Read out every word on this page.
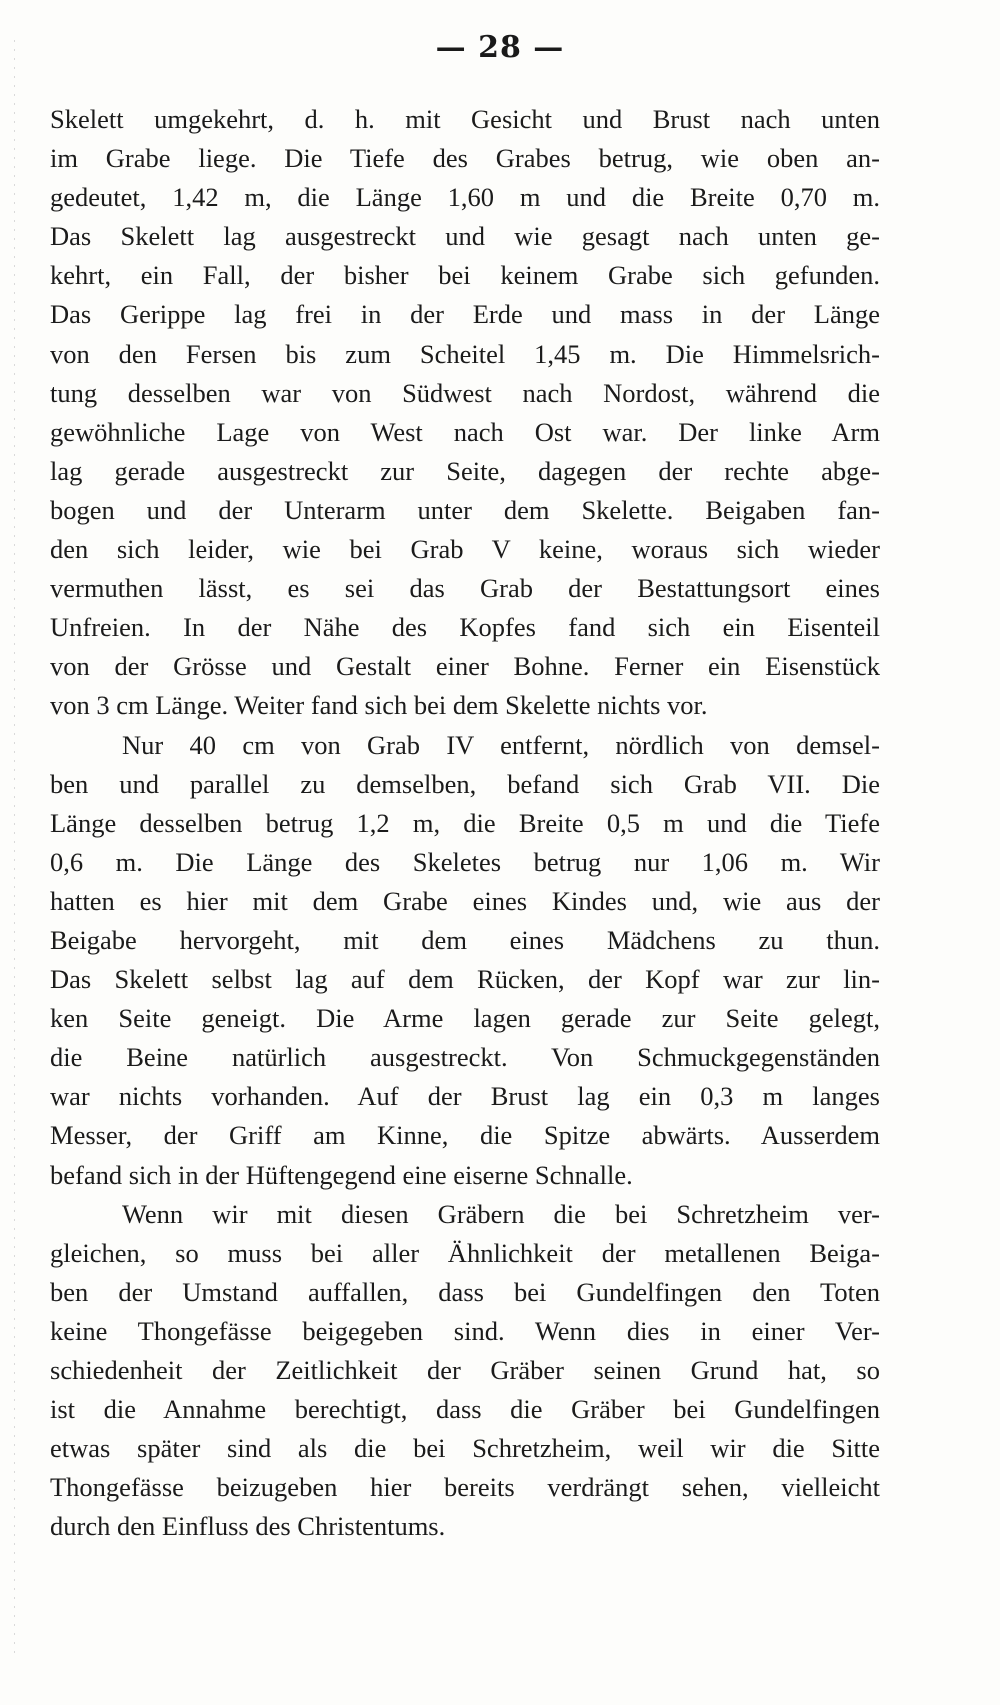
— 28 —
Skelett umgekehrt, d. h. mit Gesicht und Brust nach unten
im Grabe liege. Die Tiefe des Grabes betrug, wie oben an-
gedeutet, 1,42 m, die Länge 1,60 m und die Breite 0,70 m.
Das Skelett lag ausgestreckt und wie gesagt nach unten ge-
kehrt, ein Fall, der bisher bei keinem Grabe sich gefunden.
Das Gerippe lag frei in der Erde und mass in der Länge
von den Fersen bis zum Scheitel 1,45 m. Die Himmelsrich-
tung desselben war von Südwest nach Nordost, während die
gewöhnliche Lage von West nach Ost war. Der linke Arm
lag gerade ausgestreckt zur Seite, dagegen der rechte abge-
bogen und der Unterarm unter dem Skelette. Beigaben fan-
den sich leider, wie bei Grab V keine, woraus sich wieder
vermuthen lässt, es sei das Grab der Bestattungsort eines
Unfreien. In der Nähe des Kopfes fand sich ein Eisenteil
von der Grösse und Gestalt einer Bohne. Ferner ein Eisenstück
von 3 cm Länge. Weiter fand sich bei dem Skelette nichts vor.
Nur 40 cm von Grab IV entfernt, nördlich von demsel-
ben und parallel zu demselben, befand sich Grab VII. Die
Länge desselben betrug 1,2 m, die Breite 0,5 m und die Tiefe
0,6 m. Die Länge des Skeletes betrug nur 1,06 m. Wir
hatten es hier mit dem Grabe eines Kindes und, wie aus der
Beigabe hervorgeht, mit dem eines Mädchens zu thun.
Das Skelett selbst lag auf dem Rücken, der Kopf war zur lin-
ken Seite geneigt. Die Arme lagen gerade zur Seite gelegt,
die Beine natürlich ausgestreckt. Von Schmuckgegenständen
war nichts vorhanden. Auf der Brust lag ein 0,3 m langes
Messer, der Griff am Kinne, die Spitze abwärts. Ausserdem
befand sich in der Hüftengegend eine eiserne Schnalle.
Wenn wir mit diesen Gräbern die bei Schretzheim ver-
gleichen, so muss bei aller Ähnlichkeit der metallenen Beiga-
ben der Umstand auffallen, dass bei Gundelfingen den Toten
keine Thongefässe beigegeben sind. Wenn dies in einer Ver-
schiedenheit der Zeitlichkeit der Gräber seinen Grund hat, so
ist die Annahme berechtigt, dass die Gräber bei Gundelfingen
etwas später sind als die bei Schretzheim, weil wir die Sitte
Thongefässe beizugeben hier bereits verdrängt sehen, vielleicht
durch den Einfluss des Christentums.
